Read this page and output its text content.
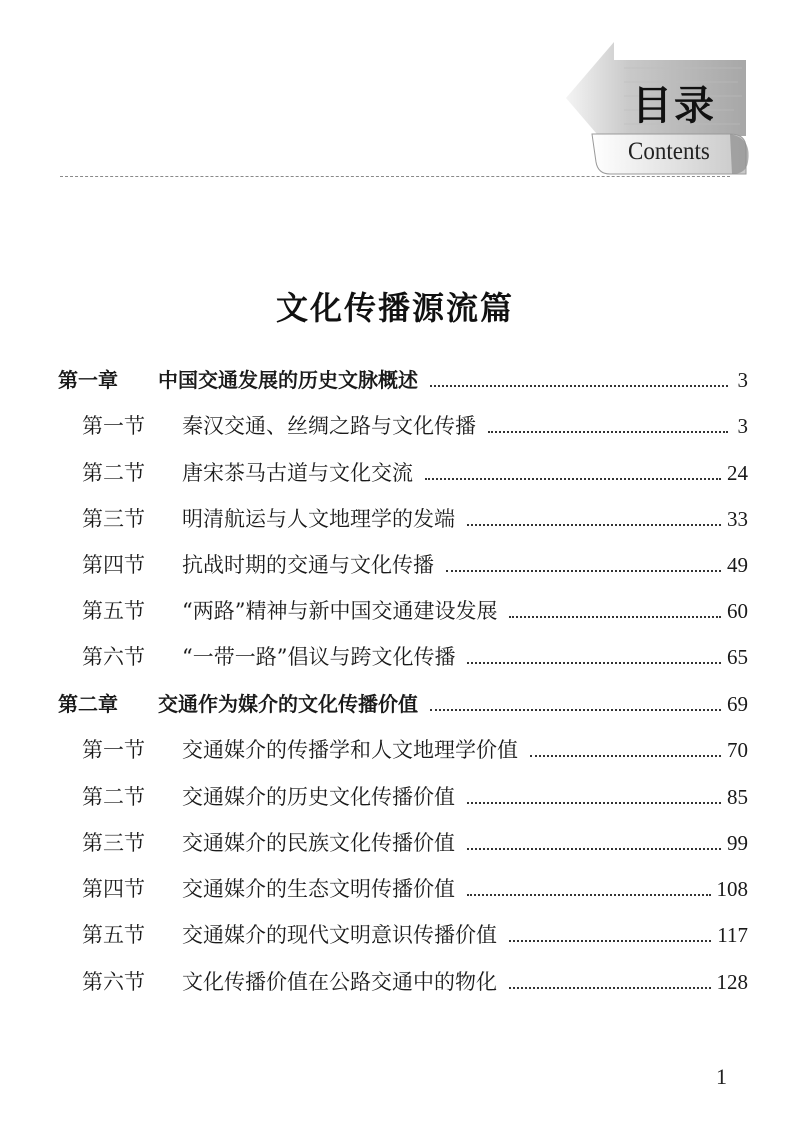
目录
Contents
文化传播源流篇
第一章	中国交通发展的历史文脉概述	3
第一节	秦汉交通、丝绸之路与文化传播	3
第二节	唐宋茶马古道与文化交流	24
第三节	明清航运与人文地理学的发端	33
第四节	抗战时期的交通与文化传播	49
第五节	“两路”精神与新中国交通建设发展	60
第六节	“一带一路”倡议与跨文化传播	65
第二章	交通作为媒介的文化传播价值	69
第一节	交通媒介的传播学和人文地理学价值	70
第二节	交通媒介的历史文化传播价值	85
第三节	交通媒介的民族文化传播价值	99
第四节	交通媒介的生态文明传播价值	108
第五节	交通媒介的现代文明意识传播价值	117
第六节	文化传播价值在公路交通中的物化	128
1
